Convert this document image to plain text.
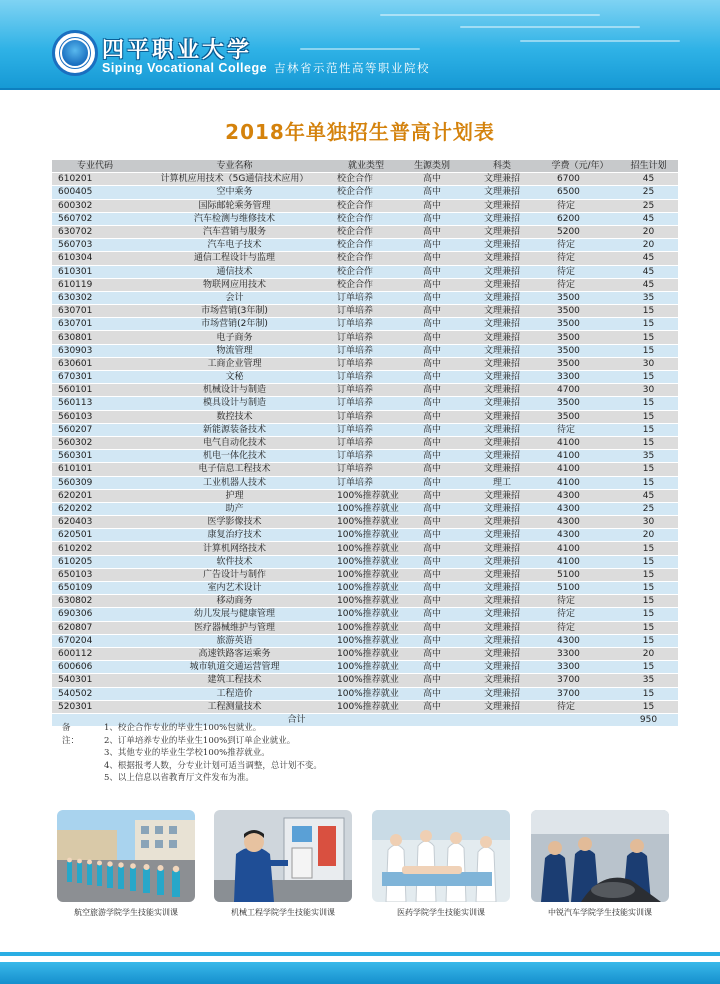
四平职业大学
Siping Vocational College 吉林省示范性高等职业院校
2018年单独招生普高计划表
专业代码	专业名称	就业类型	生源类别	科类	学费（元/年）	招生计划
610201	计算机应用技术（5G通信技术应用）	校企合作	高中	文理兼招	6700	45
600405	空中乘务	校企合作	高中	文理兼招	6500	25
600302	国际邮轮乘务管理	校企合作	高中	文理兼招	待定	25
560702	汽车检测与维修技术	校企合作	高中	文理兼招	6200	45
630702	汽车营销与服务	校企合作	高中	文理兼招	5200	20
560703	汽车电子技术	校企合作	高中	文理兼招	待定	20
610304	通信工程设计与监理	校企合作	高中	文理兼招	待定	45
610301	通信技术	校企合作	高中	文理兼招	待定	45
610119	物联网应用技术	校企合作	高中	文理兼招	待定	45
630302	会计	订单培养	高中	文理兼招	3500	35
630701	市场营销(3年制)	订单培养	高中	文理兼招	3500	15
630701	市场营销(2年制)	订单培养	高中	文理兼招	3500	15
630801	电子商务	订单培养	高中	文理兼招	3500	15
630903	物流管理	订单培养	高中	文理兼招	3500	15
630601	工商企业管理	订单培养	高中	文理兼招	3500	30
670301	文秘	订单培养	高中	文理兼招	3300	15
560101	机械设计与制造	订单培养	高中	文理兼招	4700	30
560113	模具设计与制造	订单培养	高中	文理兼招	3500	15
560103	数控技术	订单培养	高中	文理兼招	3500	15
560207	新能源装备技术	订单培养	高中	文理兼招	待定	15
560302	电气自动化技术	订单培养	高中	文理兼招	4100	15
560301	机电一体化技术	订单培养	高中	文理兼招	4100	35
610101	电子信息工程技术	订单培养	高中	文理兼招	4100	15
560309	工业机器人技术	订单培养	高中	理工	4100	15
620201	护理	100%推荐就业	高中	文理兼招	4300	45
620202	助产	100%推荐就业	高中	文理兼招	4300	25
620403	医学影像技术	100%推荐就业	高中	文理兼招	4300	30
620501	康复治疗技术	100%推荐就业	高中	文理兼招	4300	20
610202	计算机网络技术	100%推荐就业	高中	文理兼招	4100	15
610205	软件技术	100%推荐就业	高中	文理兼招	4100	15
650103	广告设计与制作	100%推荐就业	高中	文理兼招	5100	15
650109	室内艺术设计	100%推荐就业	高中	文理兼招	5100	15
630802	移动商务	100%推荐就业	高中	文理兼招	待定	15
690306	幼儿发展与健康管理	100%推荐就业	高中	文理兼招	待定	15
620807	医疗器械维护与管理	100%推荐就业	高中	文理兼招	待定	15
670204	旅游英语	100%推荐就业	高中	文理兼招	4300	15
600112	高速铁路客运乘务	100%推荐就业	高中	文理兼招	3300	20
600606	城市轨道交通运营管理	100%推荐就业	高中	文理兼招	3300	15
540301	建筑工程技术	100%推荐就业	高中	文理兼招	3700	35
540502	工程造价	100%推荐就业	高中	文理兼招	3700	15
520301	工程测量技术	100%推荐就业	高中	文理兼招	待定	15
合计						950
备注：
1、校企合作专业的毕业生100%包就业。
2、订单培养专业的毕业生100%到订单企业就业。
3、其他专业的毕业生学校100%推荐就业。
4、根据报考人数，分专业计划可适当调整，总计划不变。
5、以上信息以省教育厅文件发布为准。
航空旅游学院学生技能实训课	机械工程学院学生技能实训课	医药学院学生技能实训课	中锐汽车学院学生技能实训课
